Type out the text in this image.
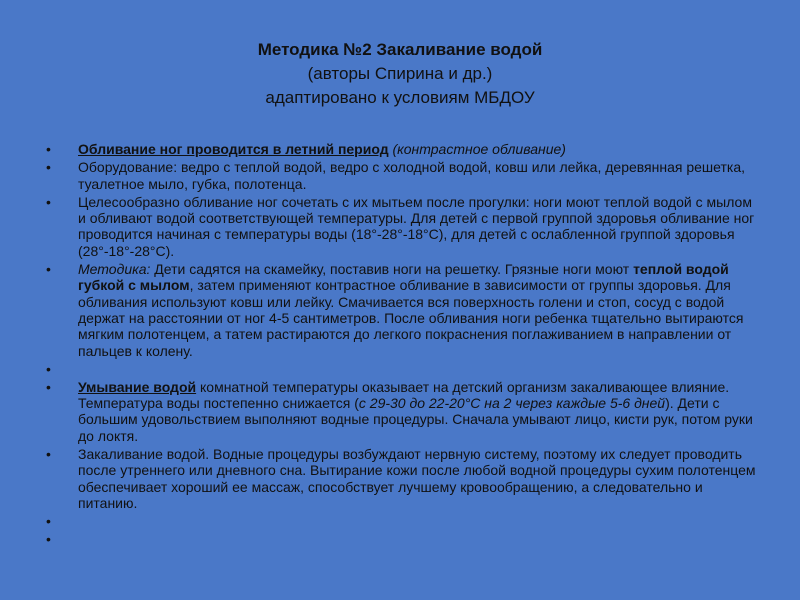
Методика №2 Закаливание водой
(авторы Спирина и др.)
адаптировано к условиям МБДОУ
•	Обливание ног проводится в летний период (контрастное обливание)
•	Оборудование: ведро с теплой водой, ведро с холодной водой, ковш или лейка, деревянная решетка, туалетное мыло, губка, полотенца.
•	Целесообразно обливание ног сочетать с их мытьем после прогулки: ноги моют теплой водой с мылом и обливают водой соответствующей температуры. Для детей с первой группой здоровья обливание ног проводится начиная с температуры воды (18°-28°-18°C), для детей с ослабленной группой здоровья (28°-18°-28°C).
•	Методика: Дети садятся на скамейку, поставив ноги на решетку. Грязные ноги моют теплой водой губкой с мылом, затем применяют контрастное обливание в зависимости от группы здоровья. Для обливания используют ковш или лейку. Смачивается вся поверхность голени и стоп, сосуд с водой держат на расстоянии от ног 4-5 сантиметров. После обливания ноги ребенка тщательно вытираются мягким полотенцем, а татем растираются до легкого покраснения поглаживанием в направлении от пальцев к колену.
•
•	Умывание водой комнатной температуры оказывает на детский организм закаливающее влияние. Температура воды постепенно снижается (с 29-30 до 22-20°С на 2 через каждые 5-6 дней). Дети с большим удовольствием выполняют водные процедуры. Сначала умывают лицо, кисти рук, потом руки до локтя.
•	Закаливание водой. Водные процедуры возбуждают нервную систему, поэтому их следует проводить после утреннего или дневного сна. Вытирание кожи после любой водной процедуры сухим полотенцем обеспечивает хороший ее массаж, способствует лучшему кровообращению, а следовательно и питанию.
•
•
